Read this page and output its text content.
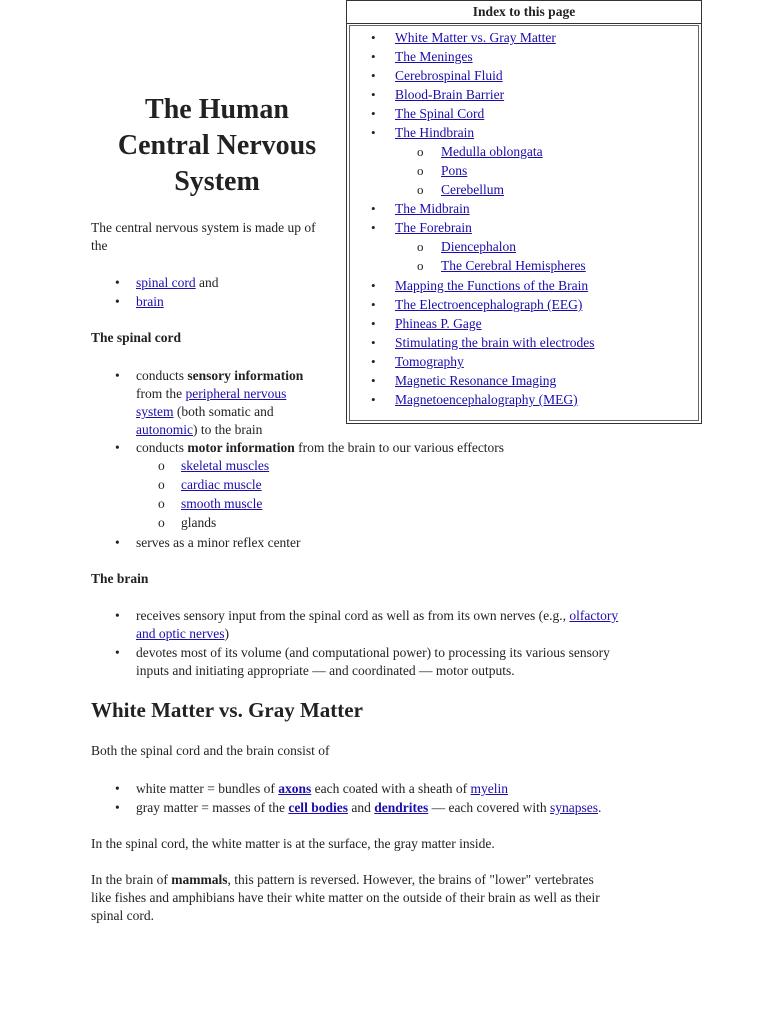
Index to this page
• White Matter vs. Gray Matter
• The Meninges
• Cerebrospinal Fluid
• Blood-Brain Barrier
• The Spinal Cord
• The Hindbrain
o Medulla oblongata
o Pons
o Cerebellum
• The Midbrain
• The Forebrain
o Diencephalon
o The Cerebral Hemispheres
• Mapping the Functions of the Brain
• The Electroencephalograph (EEG)
• Phineas P. Gage
• Stimulating the brain with electrodes
• Tomography
• Magnetic Resonance Imaging
• Magnetoencephalography (MEG)
The Human
Central Nervous
System
The central nervous system is made up of
the
• spinal cord and
• brain
The spinal cord
• conducts sensory information
from the peripheral nervous
system (both somatic and
autonomic) to the brain
• conducts motor information from the brain to our various effectors
o skeletal muscles
o cardiac muscle
o smooth muscle
o glands
• serves as a minor reflex center
The brain
• receives sensory input from the spinal cord as well as from its own nerves (e.g., olfactory
and optic nerves)
• devotes most of its volume (and computational power) to processing its various sensory
inputs and initiating appropriate — and coordinated — motor outputs.
White Matter vs. Gray Matter
Both the spinal cord and the brain consist of
• white matter = bundles of axons each coated with a sheath of myelin
• gray matter = masses of the cell bodies and dendrites — each covered with synapses.
In the spinal cord, the white matter is at the surface, the gray matter inside.
In the brain of mammals, this pattern is reversed. However, the brains of "lower" vertebrates
like fishes and amphibians have their white matter on the outside of their brain as well as their
spinal cord.
